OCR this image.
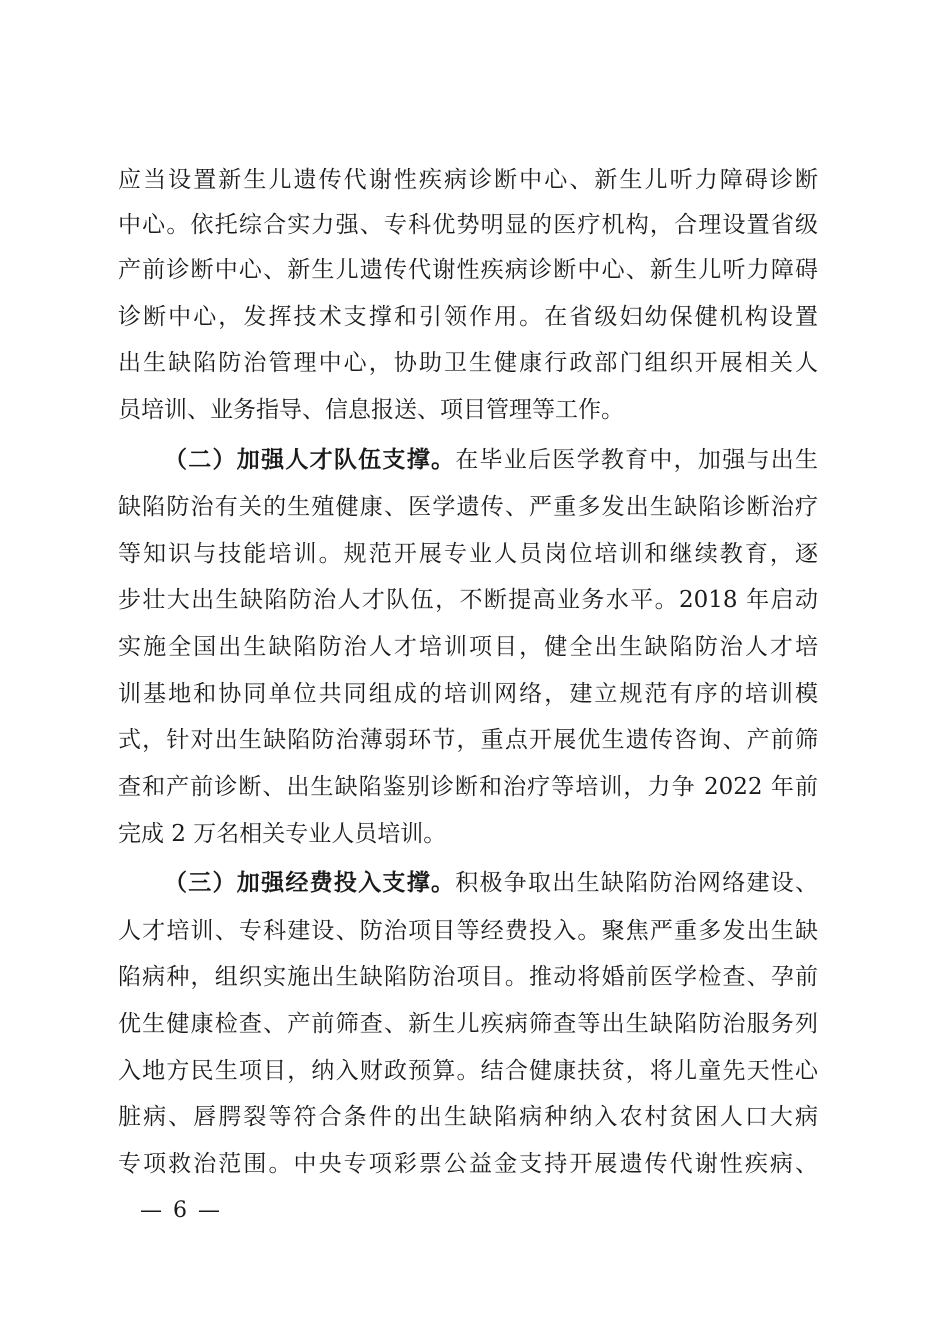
应当设置新生儿遗传代谢性疾病诊断中心、新生儿听力障碍诊断
中心。依托综合实力强、专科优势明显的医疗机构，合理设置省级
产前诊断中心、新生儿遗传代谢性疾病诊断中心、新生儿听力障碍
诊断中心，发挥技术支撑和引领作用。在省级妇幼保健机构设置
出生缺陷防治管理中心，协助卫生健康行政部门组织开展相关人
员培训、业务指导、信息报送、项目管理等工作。
（二）加强人才队伍支撑。在毕业后医学教育中，加强与出生
缺陷防治有关的生殖健康、医学遗传、严重多发出生缺陷诊断治疗
等知识与技能培训。规范开展专业人员岗位培训和继续教育，逐
步壮大出生缺陷防治人才队伍，不断提高业务水平。2018 年启动
实施全国出生缺陷防治人才培训项目，健全出生缺陷防治人才培
训基地和协同单位共同组成的培训网络，建立规范有序的培训模
式，针对出生缺陷防治薄弱环节，重点开展优生遗传咨询、产前筛
查和产前诊断、出生缺陷鉴别诊断和治疗等培训，力争 2022 年前
完成 2 万名相关专业人员培训。
（三）加强经费投入支撑。积极争取出生缺陷防治网络建设、
人才培训、专科建设、防治项目等经费投入。聚焦严重多发出生缺
陷病种，组织实施出生缺陷防治项目。推动将婚前医学检查、孕前
优生健康检查、产前筛查、新生儿疾病筛查等出生缺陷防治服务列
入地方民生项目，纳入财政预算。结合健康扶贫，将儿童先天性心
脏病、唇腭裂等符合条件的出生缺陷病种纳入农村贫困人口大病
专项救治范围。中央专项彩票公益金支持开展遗传代谢性疾病、
— 6 —
